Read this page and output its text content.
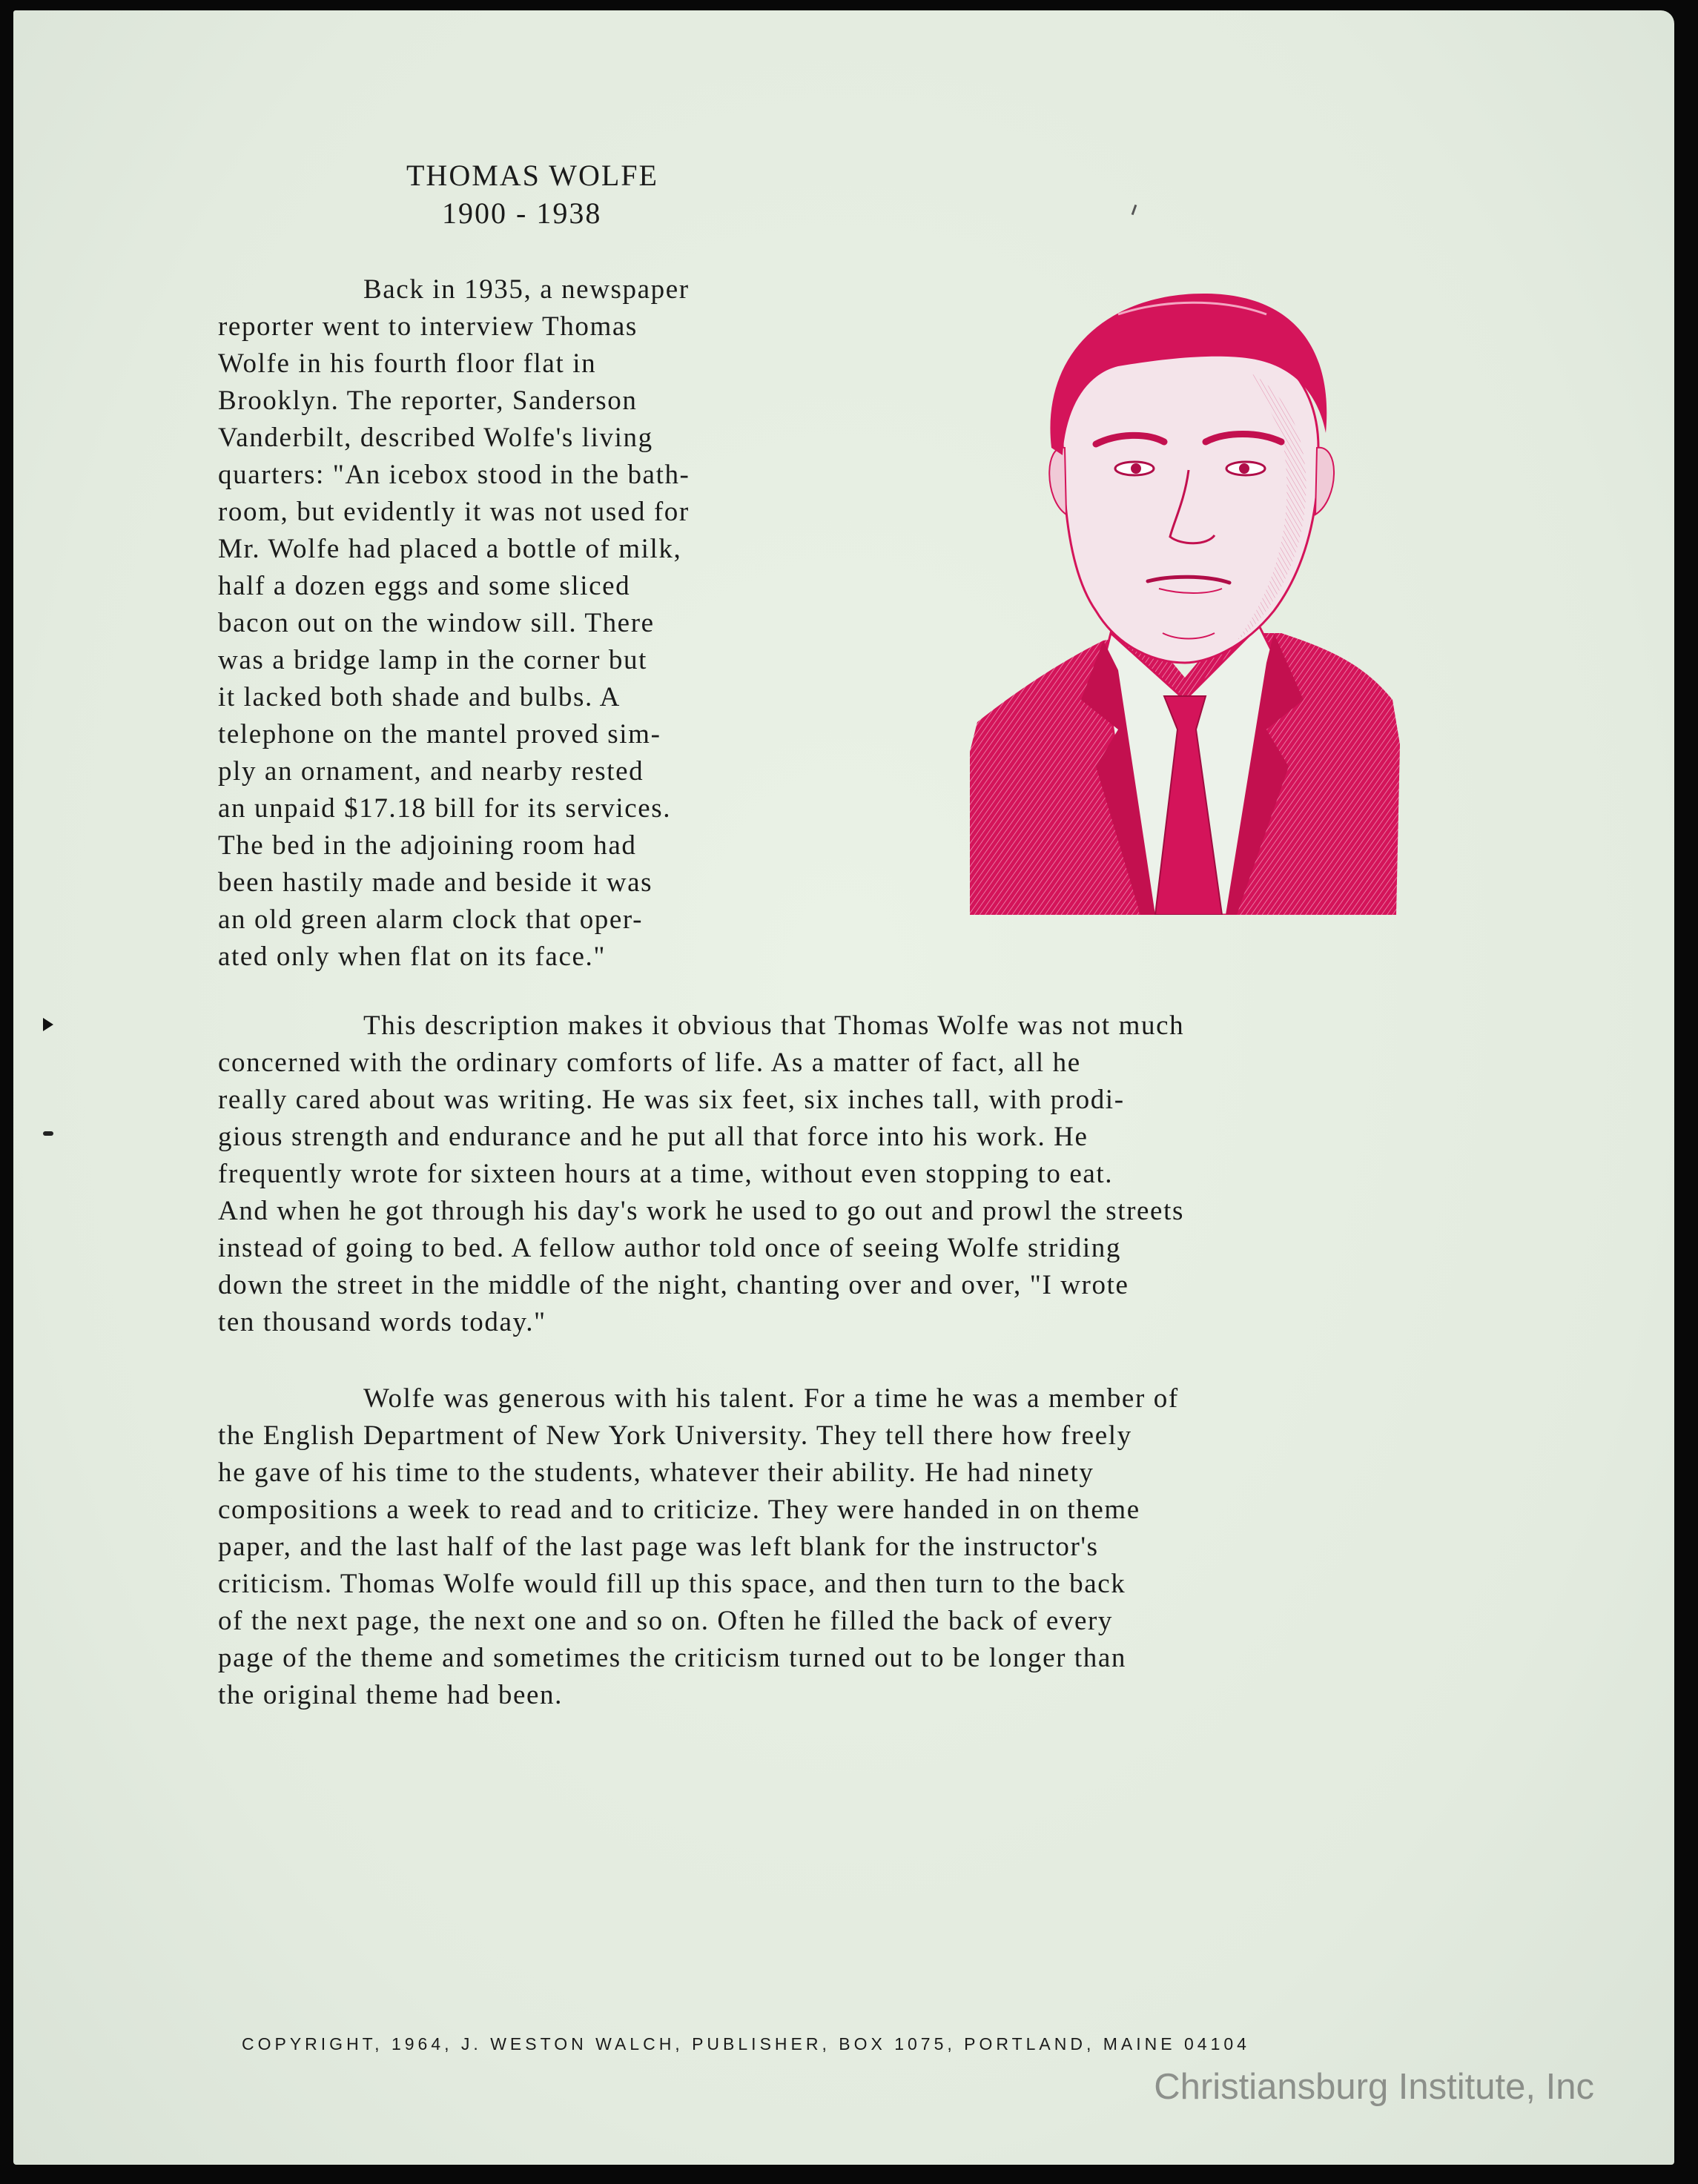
THOMAS WOLFE

1900 - 1938

Back in 1935, a newspaper
reporter went to interview Thomas
Wolfe in his fourth floor flat in
Brooklyn. The reporter, Sanderson
Vanderbilt, described Wolfe's living
quarters: "An icebox stood in the bath-
room, but evidently it was not used for
Mr. Wolfe had placed a bottle of milk,
half a dozen eggs and some sliced
bacon out on the window sill. There
was a bridge lamp in the corner but
it lacked both shade and bulbs. A
telephone on the mantel proved sim-
ply an ornament, and nearby rested
an unpaid $17.18 bill for its services.
The bed in the adjoining room had
been hastily made and beside it was
an old green alarm clock that oper-
ated only when flat on its face."
This description makes it obvious that Thomas Wolfe was not much
concerned with the ordinary comforts of life. As a matter of fact, all he
really cared about was writing. He was six feet, six inches tall, with prodi-
gious strength and endurance and he put all that force into his work. He
frequently wrote for sixteen hours at a time, without even stopping to eat.
And when he got through his day's work he used to go out and prowl the streets
instead of going to bed. A fellow author told once of seeing Wolfe striding
down the street in the middle of the night, chanting over and over, "I wrote
ten thousand words today."
Wolfe was generous with his talent. For a time he was a member of
the English Department of New York University. They tell there how freely
he gave of his time to the students, whatever their ability. He had ninety
compositions a week to read and to criticize. They were handed in on theme
paper, and the last half of the last page was left blank for the instructor's
criticism. Thomas Wolfe would fill up this space, and then turn to the back
of the next page, the next one and so on. Often he filled the back of every
page of the theme and sometimes the criticism turned out to be longer than
the original theme had been.
COPYRIGHT, 1964, J. WESTON WALCH, PUBLISHER, BOX 1075, PORTLAND, MAINE 04104
Christiansburg Institute, Inc
